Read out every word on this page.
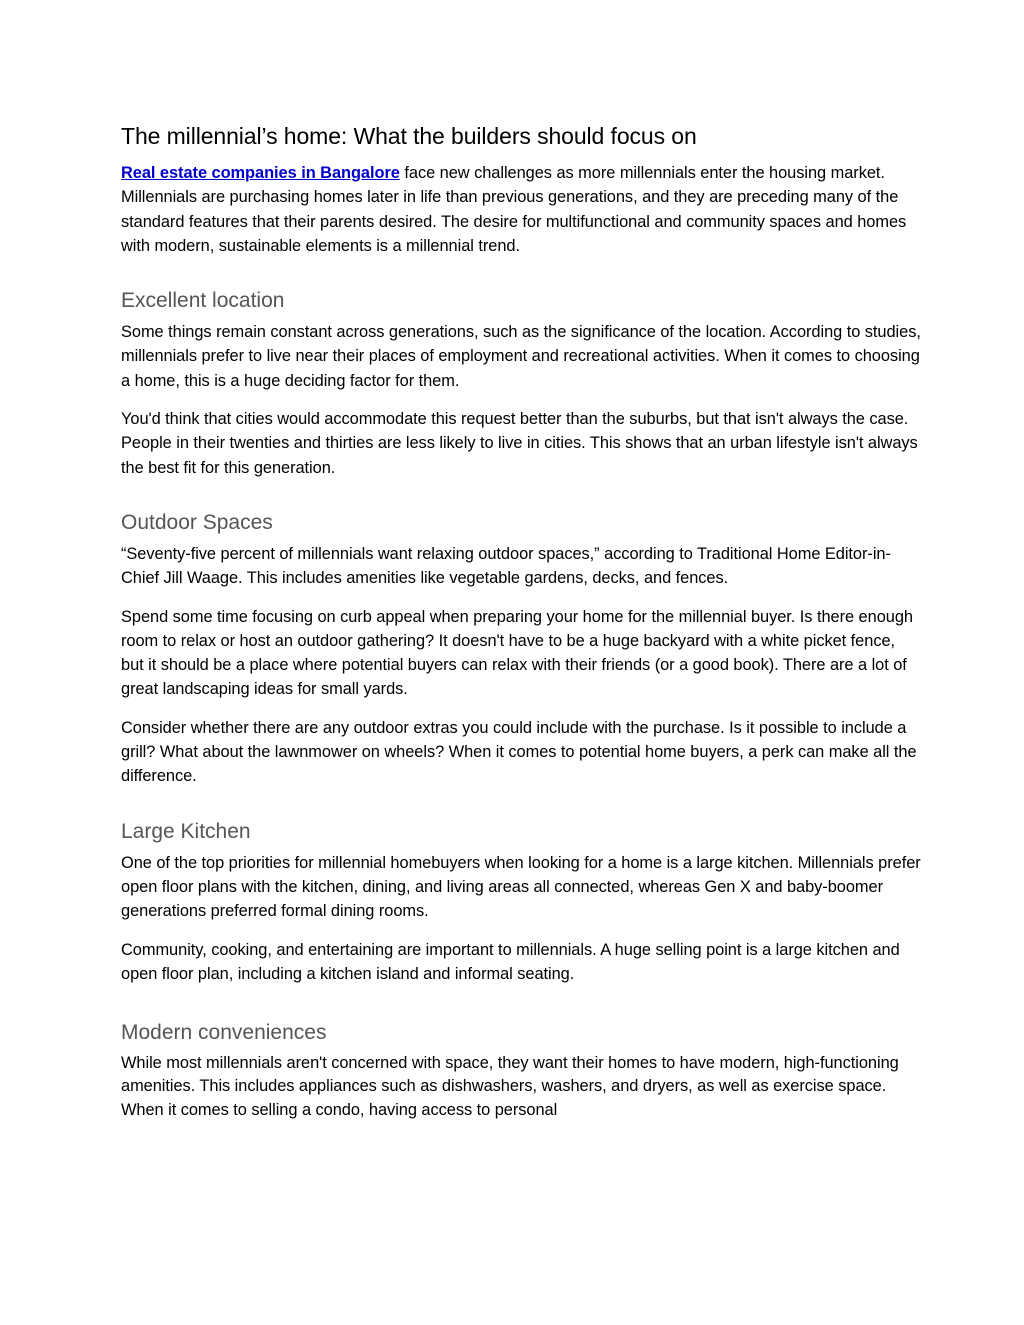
The millennial’s home: What the builders should focus on

Real estate companies in Bangalore face new challenges as more millennials enter the housing market. Millennials are purchasing homes later in life than previous generations, and they are preceding many of the standard features that their parents desired. The desire for multifunctional and community spaces and homes with modern, sustainable elements is a millennial trend.

Excellent location

Some things remain constant across generations, such as the significance of the location. According to studies, millennials prefer to live near their places of employment and recreational activities. When it comes to choosing a home, this is a huge deciding factor for them.

You'd think that cities would accommodate this request better than the suburbs, but that isn't always the case. People in their twenties and thirties are less likely to live in cities. This shows that an urban lifestyle isn't always the best fit for this generation.

Outdoor Spaces

“Seventy-five percent of millennials want relaxing outdoor spaces,” according to Traditional Home Editor-in-Chief Jill Waage. This includes amenities like vegetable gardens, decks, and fences.

Spend some time focusing on curb appeal when preparing your home for the millennial buyer. Is there enough room to relax or host an outdoor gathering? It doesn't have to be a huge backyard with a white picket fence, but it should be a place where potential buyers can relax with their friends (or a good book). There are a lot of great landscaping ideas for small yards.

Consider whether there are any outdoor extras you could include with the purchase. Is it possible to include a grill? What about the lawnmower on wheels? When it comes to potential home buyers, a perk can make all the difference.

Large Kitchen

One of the top priorities for millennial homebuyers when looking for a home is a large kitchen. Millennials prefer open floor plans with the kitchen, dining, and living areas all connected, whereas Gen X and baby-boomer generations preferred formal dining rooms.

Community, cooking, and entertaining are important to millennials. A huge selling point is a large kitchen and open floor plan, including a kitchen island and informal seating.

Modern conveniences

While most millennials aren't concerned with space, they want their homes to have modern, high-functioning amenities. This includes appliances such as dishwashers, washers, and dryers, as well as exercise space. When it comes to selling a condo, having access to personal
